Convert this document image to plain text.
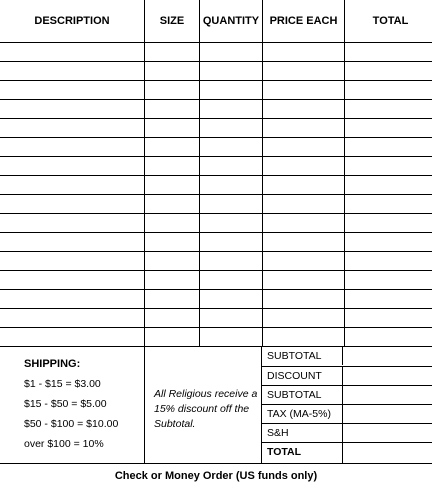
DESCRIPTION	SIZE	QUANTITY	PRICE EACH	TOTAL

SHIPPING:
$1 - $15 = $3.00
$15 - $50 = $5.00
$50 - $100 = $10.00
over $100 = 10%
All Religious receive a 15% discount off the Subtotal.
SUBTOTAL
DISCOUNT
SUBTOTAL
TAX (MA-5%)
S&H
TOTAL
Check or Money Order (US funds only)
